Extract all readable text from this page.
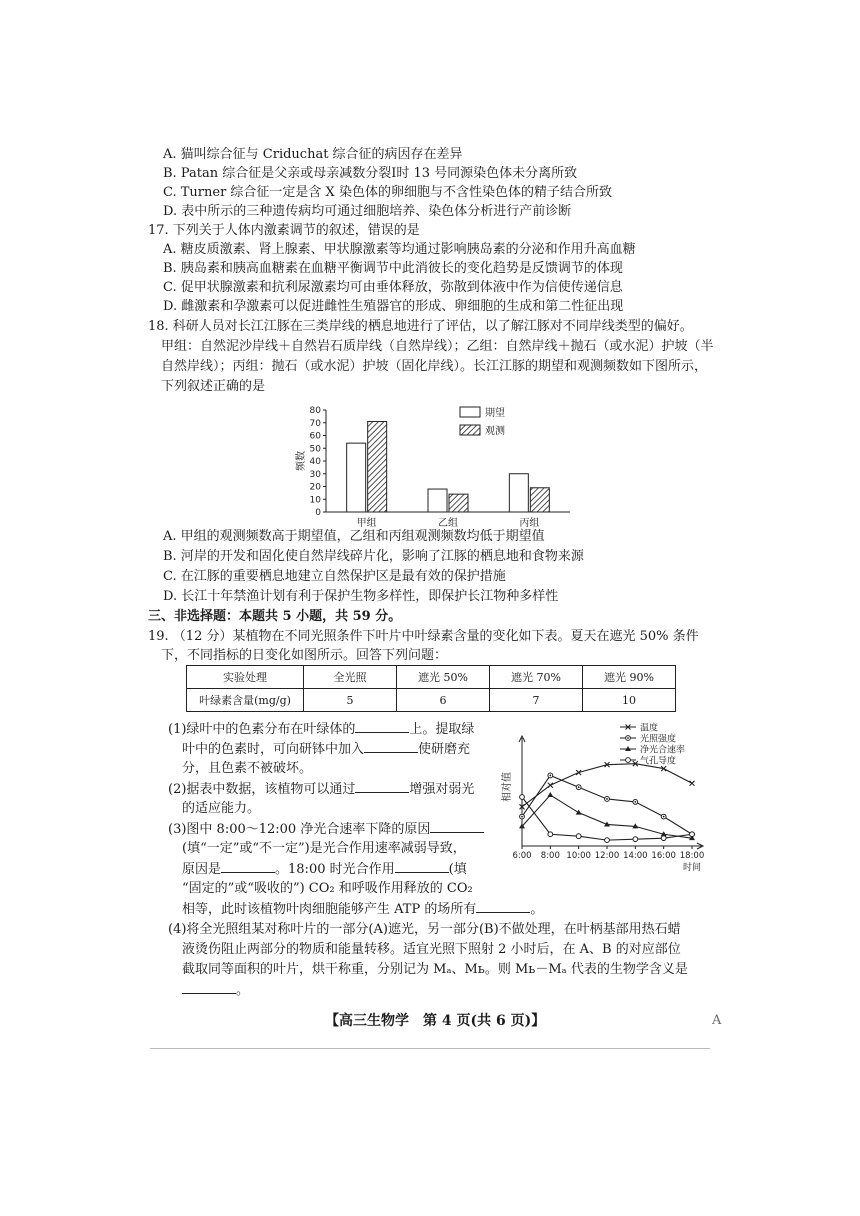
A. 猫叫综合征与 Criduchat 综合征的病因存在差异
B. Patan 综合征是父亲或母亲减数分裂Ⅰ时 13 号同源染色体未分离所致
C. Turner 综合征一定是含 X 染色体的卵细胞与不含性染色体的精子结合所致
D. 表中所示的三种遗传病均可通过细胞培养、染色体分析进行产前诊断
17. 下列关于人体内激素调节的叙述，错误的是
A. 糖皮质激素、肾上腺素、甲状腺激素等均通过影响胰岛素的分泌和作用升高血糖
B. 胰岛素和胰高血糖素在血糖平衡调节中此消彼长的变化趋势是反馈调节的体现
C. 促甲状腺激素和抗利尿激素均可由垂体释放，弥散到体液中作为信使传递信息
D. 雌激素和孕激素可以促进雌性生殖器官的形成、卵细胞的生成和第二性征出现
18. 科研人员对长江江豚在三类岸线的栖息地进行了评估，以了解江豚对不同岸线类型的偏好。
甲组：自然泥沙岸线＋自然岩石质岸线（自然岸线）；乙组：自然岸线＋抛石（或水泥）护坡（半
自然岸线）；丙组：抛石（或水泥）护坡（固化岸线）。长江江豚的期望和观测频数如下图所示，
下列叙述正确的是
0
10
20
30
40
50
60
70
80
频数
甲组	乙组	丙组
期望
观测
A. 甲组的观测频数高于期望值，乙组和丙组观测频数均低于期望值
B. 河岸的开发和固化使自然岸线碎片化，影响了江豚的栖息地和食物来源
C. 在江豚的重要栖息地建立自然保护区是最有效的保护措施
D. 长江十年禁渔计划有利于保护生物多样性，即保护长江物种多样性
三、非选择题：本题共 5 小题，共 59 分。
19. （12 分）某植物在不同光照条件下叶片中叶绿素含量的变化如下表。夏天在遮光 50% 条件
下，不同指标的日变化如图所示。回答下列问题：
实验处理	全光照	遮光 50%	遮光 70%	遮光 90%
叶绿素含量(mg/g)	5	6	7	10
(1)绿叶中的色素分布在叶绿体的	上。提取绿
叶中的色素时，可向研钵中加入	使研磨充
分，且色素不被破坏。
(2)据表中数据，该植物可以通过	增强对弱光
的适应能力。
(3)图中 8:00～12:00 净光合速率下降的原因
(填“一定”或“不一定”)是光合作用速率减弱导致，
原因是	。18:00 时光合作用	(填
“固定的”或“吸收的”) CO₂ 和呼吸作用释放的 CO₂
相等，此时该植物叶肉细胞能够产生 ATP 的场所有	。
相对值
6:00 8:00 10:00 12:00 14:00 16:00 18:00
时间
温度
光照强度
净光合速率
气孔导度
(4)将全光照组某对称叶片的一部分(A)遮光，另一部分(B)不做处理，在叶柄基部用热石蜡
液烫伤阻止两部分的物质和能量转移。适宜光照下照射 2 小时后，在 A、B 的对应部位
截取同等面积的叶片，烘干称重，分别记为 Mₐ、Mь。则 Mь－Mₐ 代表的生物学含义是
。
【高三生物学　第 4 页(共 6 页)】	A
